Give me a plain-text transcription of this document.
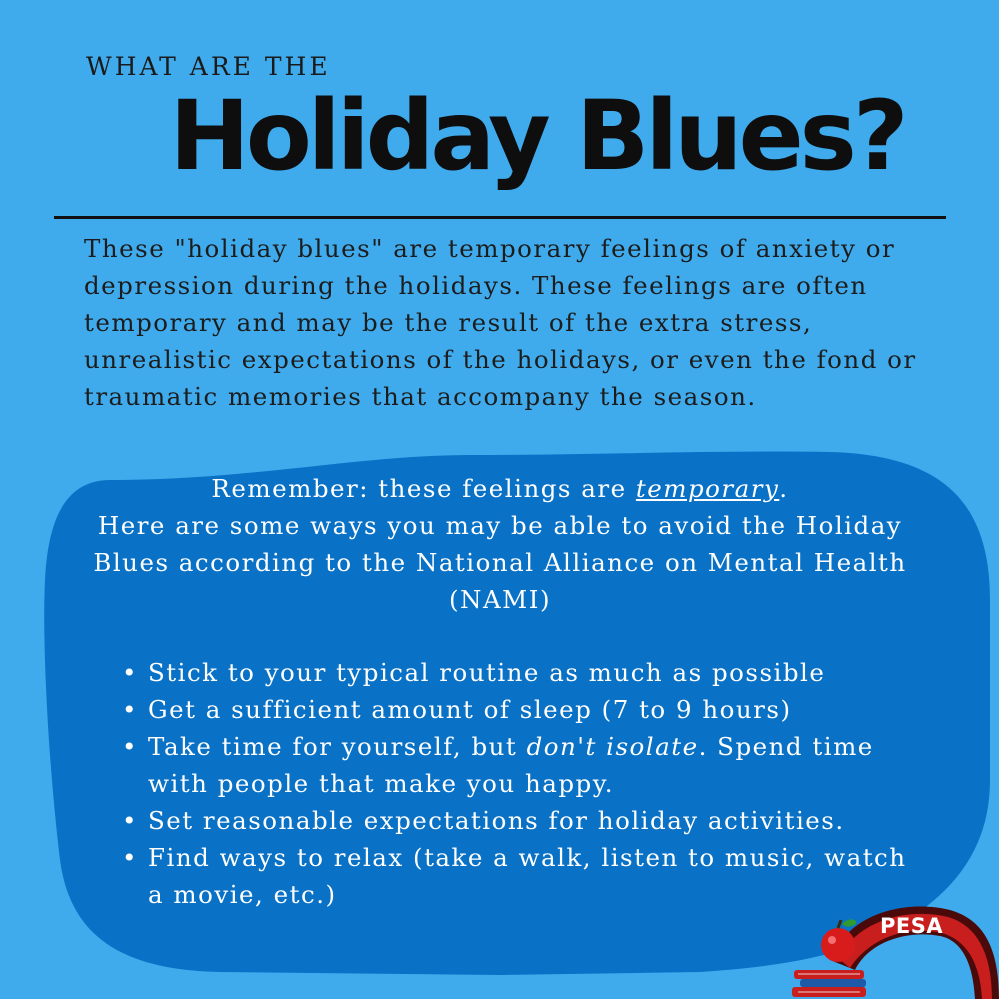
WHAT ARE THE
Holiday Blues?

These "holiday blues" are temporary feelings of anxiety or depression during the holidays. These feelings are often temporary and may be the result of the extra stress, unrealistic expectations of the holidays, or even the fond or traumatic memories that accompany the season.

Remember: these feelings are temporary.

Here are some ways you may be able to avoid the Holiday Blues according to the National Alliance on Mental Health (NAMI)

• Stick to your typical routine as much as possible
• Get a sufficient amount of sleep (7 to 9 hours)
• Take time for yourself, but don't isolate. Spend time with people that make you happy.
• Set reasonable expectations for holiday activities.
• Find ways to relax (take a walk, listen to music, watch a movie, etc.)
PESA
